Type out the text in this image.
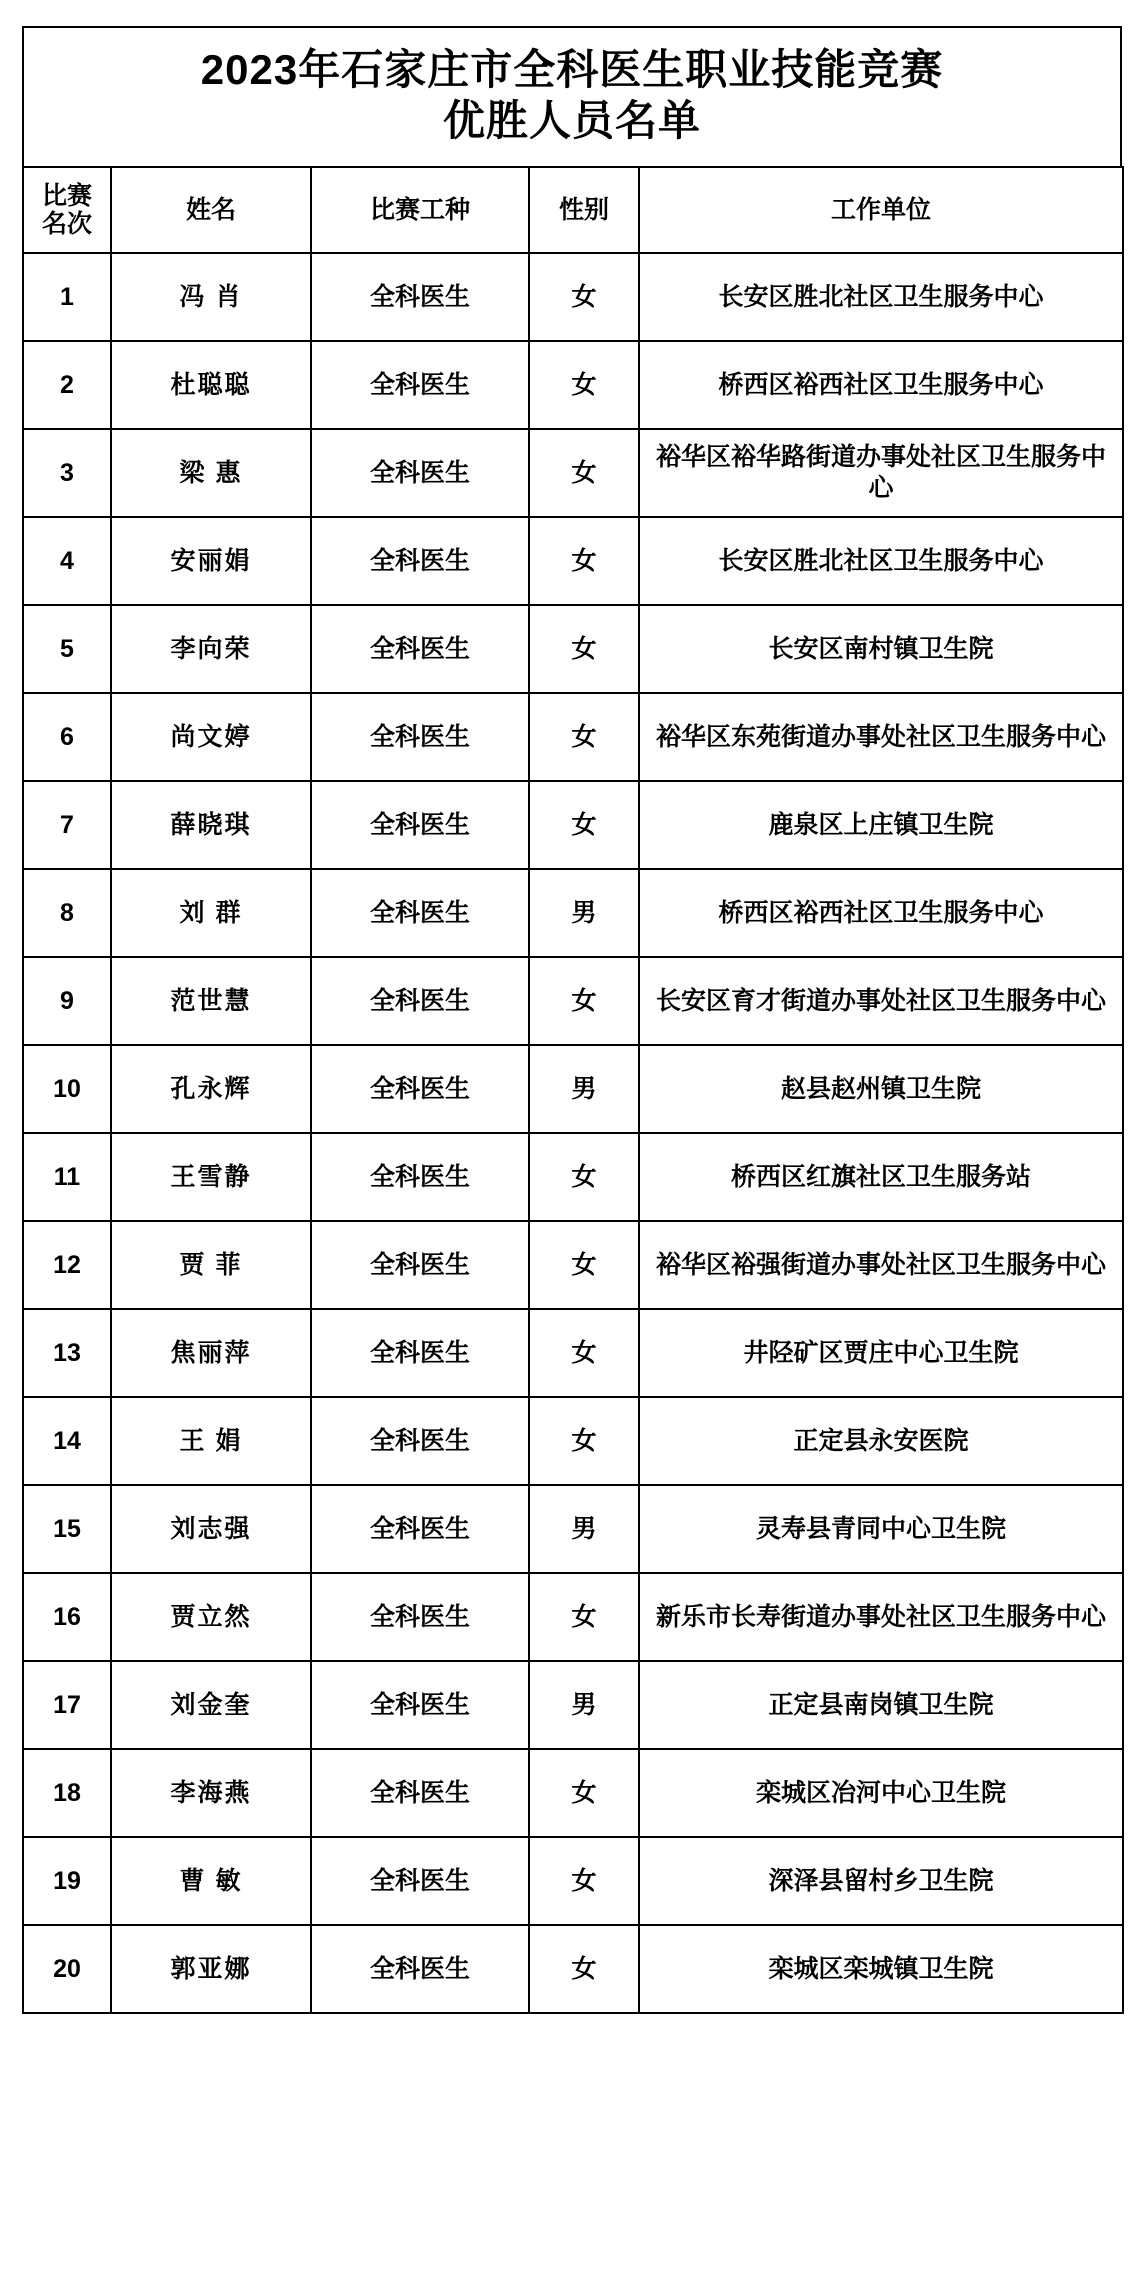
2023年石家庄市全科医生职业技能竞赛
优胜人员名单
比赛
名次	姓名	比赛工种	性别	工作单位
1	冯 肖	全科医生	女	长安区胜北社区卫生服务中心
2	杜聪聪	全科医生	女	桥西区裕西社区卫生服务中心
3	梁 惠	全科医生	女	裕华区裕华路街道办事处社区卫生服务中心
4	安丽娟	全科医生	女	长安区胜北社区卫生服务中心
5	李向荣	全科医生	女	长安区南村镇卫生院
6	尚文婷	全科医生	女	裕华区东苑街道办事处社区卫生服务中心
7	薛晓琪	全科医生	女	鹿泉区上庄镇卫生院
8	刘 群	全科医生	男	桥西区裕西社区卫生服务中心
9	范世慧	全科医生	女	长安区育才街道办事处社区卫生服务中心
10	孔永辉	全科医生	男	赵县赵州镇卫生院
11	王雪静	全科医生	女	桥西区红旗社区卫生服务站
12	贾 菲	全科医生	女	裕华区裕强街道办事处社区卫生服务中心
13	焦丽萍	全科医生	女	井陉矿区贾庄中心卫生院
14	王 娟	全科医生	女	正定县永安医院
15	刘志强	全科医生	男	灵寿县青同中心卫生院
16	贾立然	全科医生	女	新乐市长寿街道办事处社区卫生服务中心
17	刘金奎	全科医生	男	正定县南岗镇卫生院
18	李海燕	全科医生	女	栾城区冶河中心卫生院
19	曹 敏	全科医生	女	深泽县留村乡卫生院
20	郭亚娜	全科医生	女	栾城区栾城镇卫生院
